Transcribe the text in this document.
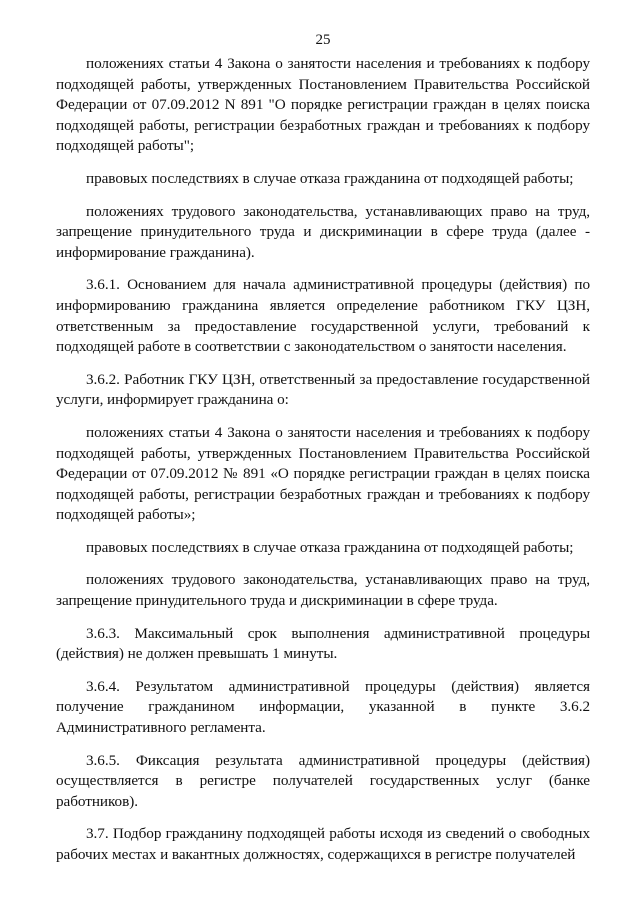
25

положениях статьи 4 Закона о занятости населения и требованиях к подбору подходящей работы, утвержденных Постановлением Правительства Российской Федерации от 07.09.2012 N 891 "О порядке регистрации граждан в целях поиска подходящей работы, регистрации безработных граждан и требованиях к подбору подходящей работы";

правовых последствиях в случае отказа гражданина от подходящей работы;

положениях трудового законодательства, устанавливающих право на труд, запрещение принудительного труда и дискриминации в сфере труда (далее - информирование гражданина).

3.6.1. Основанием для начала административной процедуры (действия) по информированию гражданина является определение работником ГКУ ЦЗН, ответственным за предоставление государственной услуги, требований к подходящей работе в соответствии с законодательством о занятости населения.

3.6.2. Работник ГКУ ЦЗН, ответственный за предоставление государственной услуги, информирует гражданина о:

положениях статьи 4 Закона о занятости населения и требованиях к подбору подходящей работы, утвержденных Постановлением Правительства Российской Федерации от 07.09.2012 № 891 «О порядке регистрации граждан в целях поиска подходящей работы, регистрации безработных граждан и требованиях к подбору подходящей работы»;

правовых последствиях в случае отказа гражданина от подходящей работы;

положениях трудового законодательства, устанавливающих право на труд, запрещение принудительного труда и дискриминации в сфере труда.

3.6.3. Максимальный срок выполнения административной процедуры (действия) не должен превышать 1 минуты.

3.6.4. Результатом административной процедуры (действия) является получение гражданином информации, указанной в пункте 3.6.2 Административного регламента.

3.6.5. Фиксация результата административной процедуры (действия) осуществляется в регистре получателей государственных услуг (банке работников).

3.7. Подбор гражданину подходящей работы исходя из сведений о свободных рабочих местах и вакантных должностях, содержащихся в регистре получателей
